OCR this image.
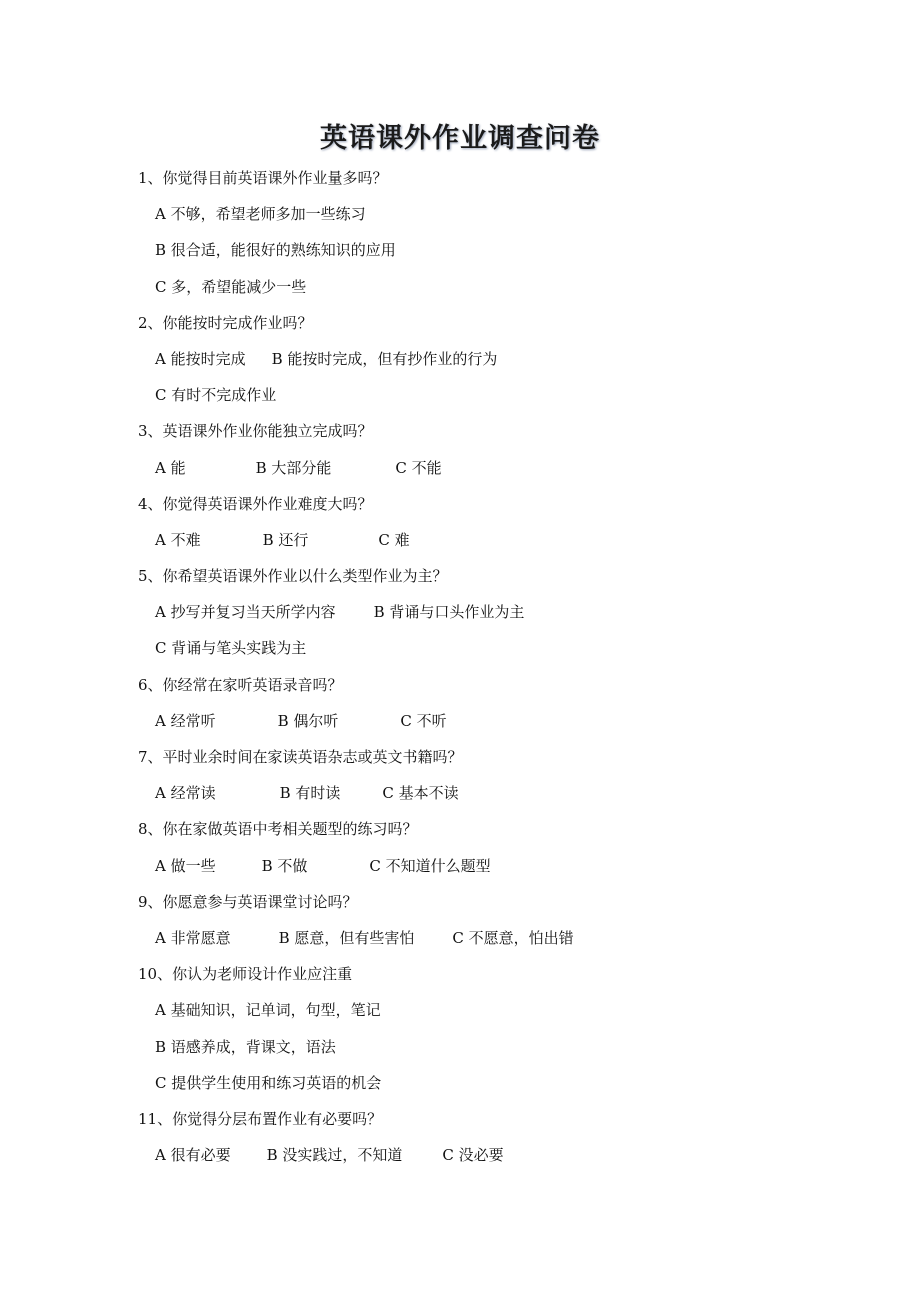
英语课外作业调查问卷
1、你觉得目前英语课外作业量多吗？
A 不够，希望老师多加一些练习
B 很合适，能很好的熟练知识的应用
C 多，希望能减少一些
2、你能按时完成作业吗？
A 能按时完成 B 能按时完成，但有抄作业的行为
C 有时不完成作业
3、英语课外作业你能独立完成吗？
A 能	B 大部分能	C 不能
4、你觉得英语课外作业难度大吗？
A 不难	B 还行	C 难
5、你希望英语课外作业以什么类型作业为主？
A 抄写并复习当天所学内容	B 背诵与口头作业为主
C 背诵与笔头实践为主
6、你经常在家听英语录音吗？
A 经常听	B 偶尔听	C 不听
7、平时业余时间在家读英语杂志或英文书籍吗？
A 经常读	B 有时读	C 基本不读
8、你在家做英语中考相关题型的练习吗？
A 做一些	B 不做	C 不知道什么题型
9、你愿意参与英语课堂讨论吗？
A 非常愿意	B 愿意，但有些害怕	C 不愿意，怕出错
10、你认为老师设计作业应注重
A 基础知识，记单词，句型，笔记
B 语感养成，背课文，语法
C 提供学生使用和练习英语的机会
11、你觉得分层布置作业有必要吗？
A 很有必要 B 没实践过，不知道	C 没必要
